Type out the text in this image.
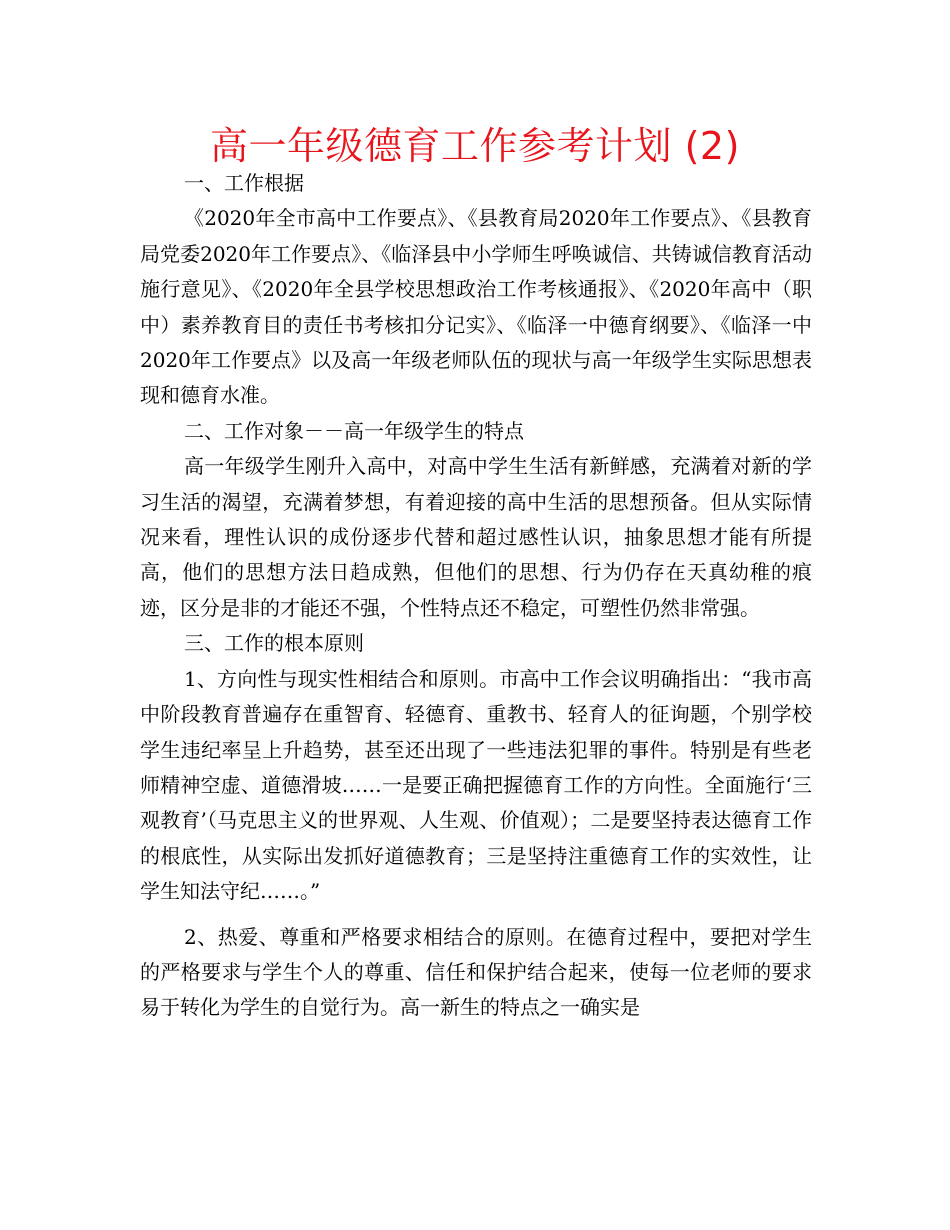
高一年级德育工作参考计划 (2)

一、工作根据

《2020年全市高中工作要点》、《县教育局2020年工作要点》、《县教育局党委2020年工作要点》、《临泽县中小学师生呼唤诚信、共铸诚信教育活动施行意见》、《2020年全县学校思想政治工作考核通报》、《2020年高中（职中）素养教育目的责任书考核扣分记实》、《临泽一中德育纲要》、《临泽一中2020年工作要点》以及高一年级老师队伍的现状与高一年级学生实际思想表现和德育水准。

二、工作对象－－高一年级学生的特点

高一年级学生刚升入高中，对高中学生生活有新鲜感，充满着对新的学习生活的渴望，充满着梦想，有着迎接的高中生活的思想预备。但从实际情况来看，理性认识的成份逐步代替和超过感性认识，抽象思想才能有所提高，他们的思想方法日趋成熟，但他们的思想、行为仍存在天真幼稚的痕迹，区分是非的才能还不强，个性特点还不稳定，可塑性仍然非常强。

三、工作的根本原则

1、方向性与现实性相结合和原则。市高中工作会议明确指出：“我市高中阶段教育普遍存在重智育、轻德育、重教书、轻育人的征询题，个别学校学生违纪率呈上升趋势，甚至还出现了一些违法犯罪的事件。特别是有些老师精神空虚、道德滑坡……一是要正确把握德育工作的方向性。全面施行‘三观教育’（马克思主义的世界观、人生观、价值观）；二是要坚持表达德育工作的根底性，从实际出发抓好道德教育；三是坚持注重德育工作的实效性，让学生知法守纪……。”

2、热爱、尊重和严格要求相结合的原则。在德育过程中，要把对学生的严格要求与学生个人的尊重、信任和保护结合起来，使每一位老师的要求易于转化为学生的自觉行为。高一新生的特点之一确实是
